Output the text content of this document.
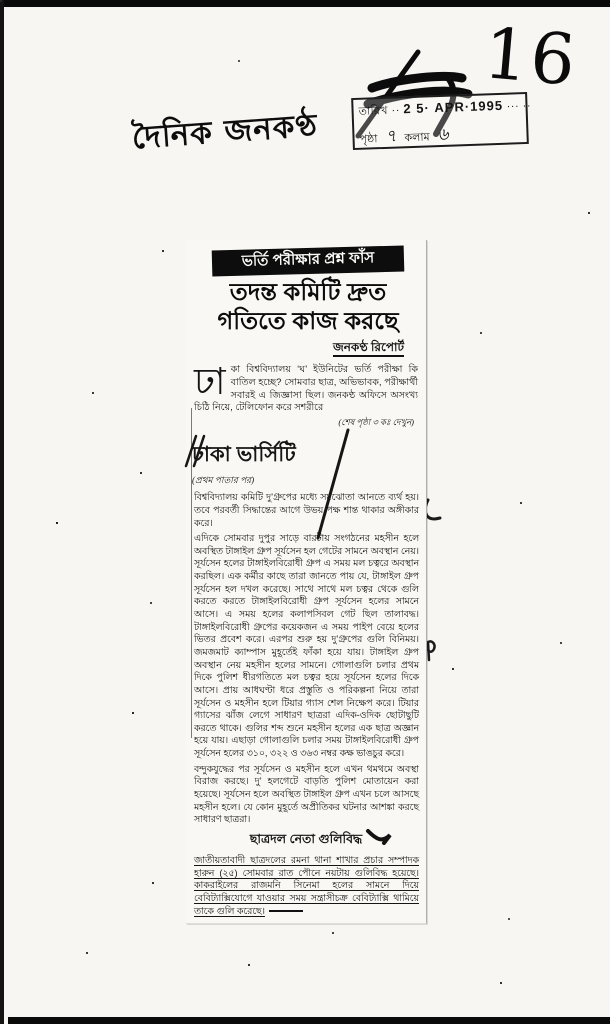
16
তারিখ ·· 2 5· APR·1995 ··· ··
পৃষ্ঠা ৭ কলাম ৬
দৈনিক জনকণ্ঠ
ভর্তি পরীক্ষার প্রশ্ন ফাঁস
তদন্ত কমিটি দ্রুত
গতিতে কাজ করছে
জনকণ্ঠ রিপোর্ট
ঢা কা বিশ্ববিদ্যালয় ‘ঘ’ ইউনিটের ভর্তি পরীক্ষা কি বাতিল হচ্ছে? সোমবার ছাত্র, অভিভাবক, পরীক্ষার্থী সবারই এ জিজ্ঞাসা ছিল। জনকণ্ঠ অফিসে অসংখ্য চিঠি নিয়ে, টেলিফোন করে সশরীরে
(শেষ পৃষ্ঠা ৩ কঃ দেখুন)
ঢাকা ভার্সিটি
(প্রথম পাতার পর)

বিশ্ববিদ্যালয় কমিটি দু’গ্রুপের মধ্যে সমঝোতা আনতে ব্যর্থ হয়। তবে পরবর্তী সিদ্ধান্তের আগে উভয় পক্ষ শান্ত থাকার অঙ্গীকার করে।

এদিকে সোমবার দুপুর সাড়ে বারটায় সংগঠনের মহসীন হলে অবস্থিত টাঙ্গাইল গ্রুপ সূর্যসেন হল গেটের সামনে অবস্থান নেয়। সূর্যসেন হলের টাঙ্গাইলবিরোধী গ্রুপ এ সময় মল চত্বরে অবস্থান করছিল। এক কর্মীর কাছে তারা জানতে পায় যে, টাঙ্গাইল গ্রুপ সূর্যসেন হল দখল করেছে। সাথে সাথে মল চত্বর থেকে গুলি করতে করতে টাঙ্গাইলবিরোধী গ্রুপ সূর্যসেন হলের সামনে আসে। এ সময় হলের কলাপসিবল গেট ছিল তালাবদ্ধ। টাঙ্গাইলবিরোধী গ্রুপের কয়েকজন এ সময় পাইপ বেয়ে হলের ভিতর প্রবেশ করে। এরপর শুরু হয় দু’গ্রুপের গুলি বিনিময়। জমজমাট ক্যাম্পাস মুহূর্তেই ফাঁকা হয়ে যায়। টাঙ্গাইল গ্রুপ অবস্থান নেয় মহসীন হলের সামনে। গোলাগুলি চলার প্রথম দিকে পুলিশ ধীরগতিতে মল চত্বর হয়ে সূর্যসেন হলের দিকে আসে। প্রায় আধঘণ্টা ধরে প্রস্তুতি ও পরিকল্পনা নিয়ে তারা সূর্যসেন ও মহসীন হলে টিয়ার গ্যাস শেল নিক্ষেপ করে। টিয়ার গ্যাসের ঝাঁজ লেগে সাধারণ ছাত্ররা এদিক-ওদিক ছোটাছুটি করতে থাকে। গুলির শব্দ শুনে মহসীন হলের এক ছাত্র অজ্ঞান হয়ে যায়। এছাড়া গোলাগুলি চলার সময় টাঙ্গাইলবিরোধী গ্রুপ সূর্যসেন হলের ৩১০, ৩২২ ও ৩৬৩ নম্বর কক্ষ ভাঙচুর করে।

বন্দুকযুদ্ধের পর সূর্যসেন ও মহসীন হলে এখন থমথমে অবস্থা বিরাজ করছে। দু’ হলগেটে বাড়তি পুলিশ মোতায়েন করা হয়েছে। সূর্যসেন হলে অবস্থিত টাঙ্গাইল গ্রুপ এখন চলে আসছে মহসীন হলে। যে কোন মুহূর্তে অপ্রীতিকর ঘটনার আশঙ্কা করছে সাধারণ ছাত্ররা।

ছাত্রদল নেতা গুলিবিদ্ধ

জাতীয়তাবাদী ছাত্রদলের রমনা থানা শাখার প্রচার সম্পাদক হারুন (২৫) সোমবার রাত পৌনে নয়টায় গুলিবিদ্ধ হয়েছে। কাকরাইলের রাজমনি সিনেমা হলের সামনে দিয়ে বেবিট্যাক্সিযোগে যাওয়ার সময় সন্ত্রাসীচক্র বেবিট্যাক্সি থামিয়ে তাকে গুলি করেছে।
